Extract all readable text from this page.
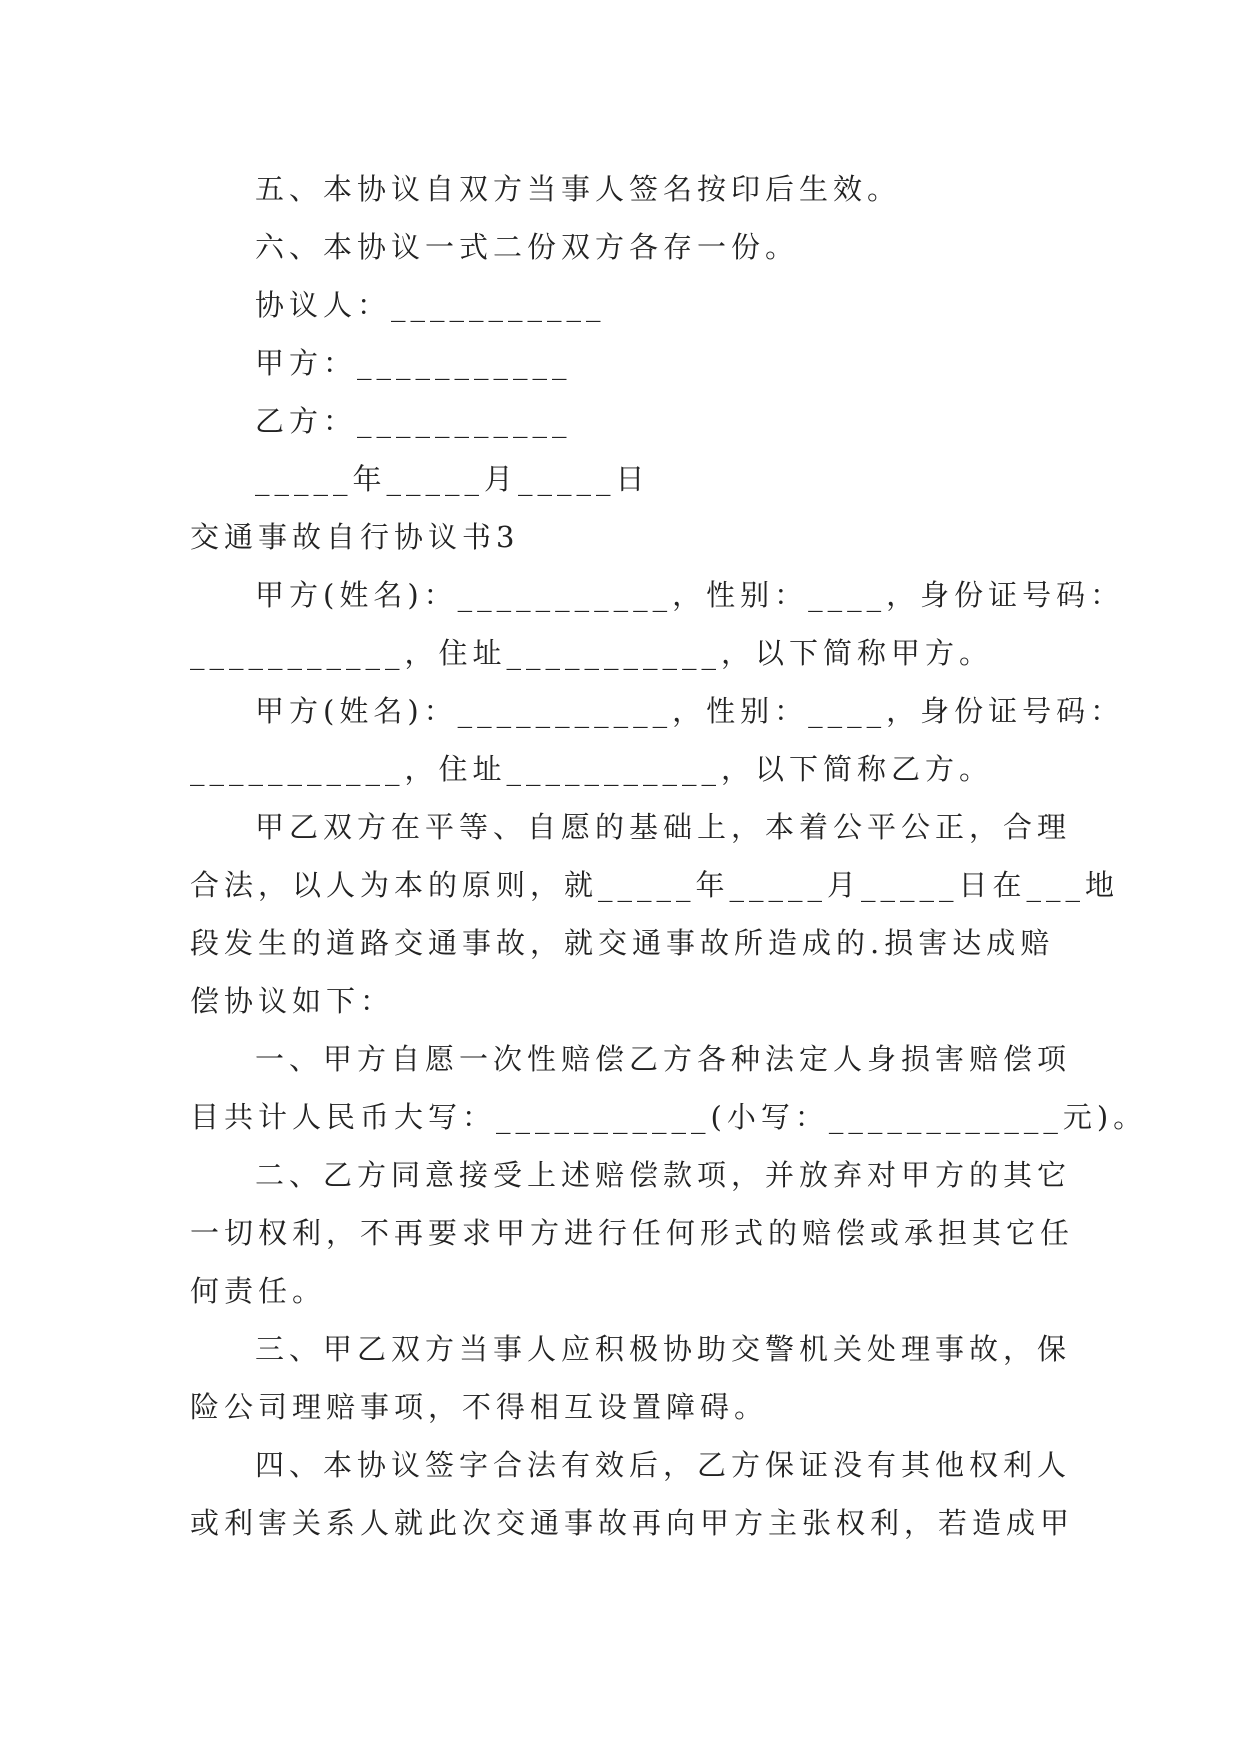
五、本协议自双方当事人签名按印后生效。

六、本协议一式二份双方各存一份。

协议人：___________

甲方：___________

乙方：___________

_____年_____月_____日

交通事故自行协议书3

甲方(姓名)：___________，性别：____，身份证号码：

___________，住址___________，以下简称甲方。

甲方(姓名)：___________，性别：____，身份证号码：

___________，住址___________，以下简称乙方。

甲乙双方在平等、自愿的基础上，本着公平公正，合理

合法，以人为本的原则，就_____年_____月_____日在___地

段发生的道路交通事故，就交通事故所造成的.损害达成赔

偿协议如下：

一、甲方自愿一次性赔偿乙方各种法定人身损害赔偿项

目共计人民币大写：___________(小写：____________元)。

二、乙方同意接受上述赔偿款项，并放弃对甲方的其它

一切权利，不再要求甲方进行任何形式的赔偿或承担其它任

何责任。

三、甲乙双方当事人应积极协助交警机关处理事故，保

险公司理赔事项，不得相互设置障碍。

四、本协议签字合法有效后，乙方保证没有其他权利人

或利害关系人就此次交通事故再向甲方主张权利，若造成甲
